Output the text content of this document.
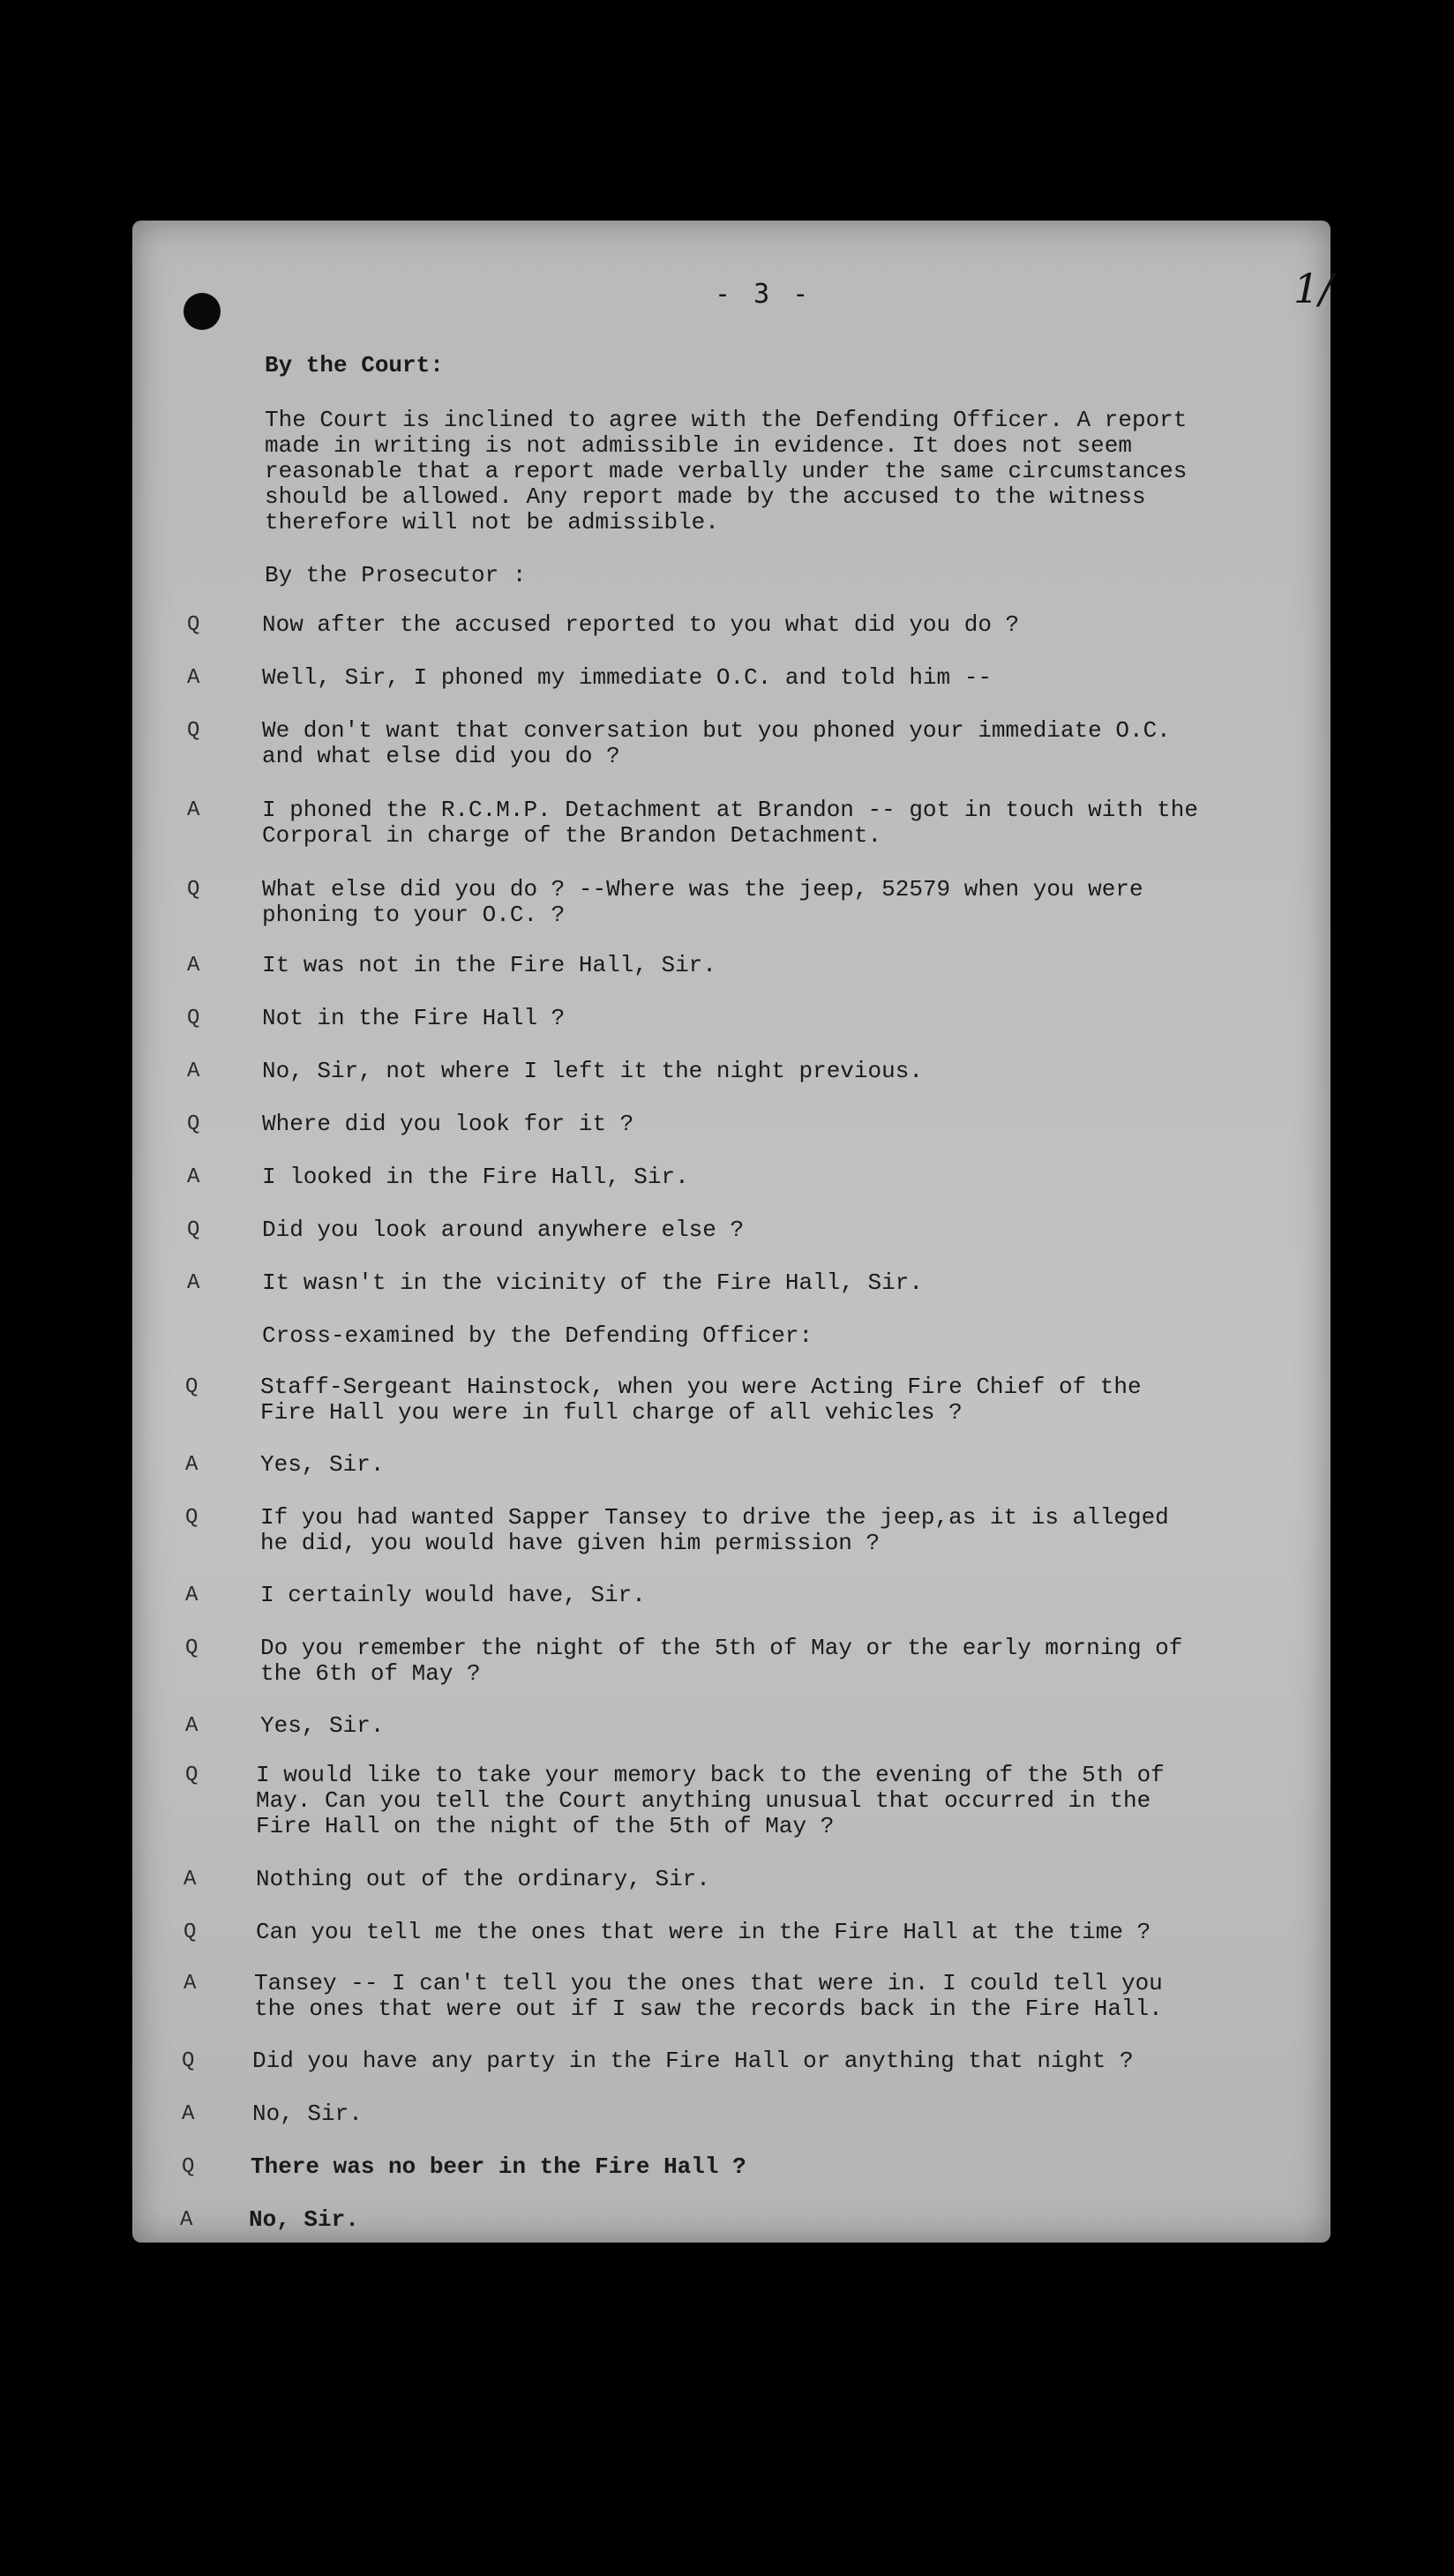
- 3 -	1/
By the Court:
The Court is inclined to agree with the Defending Officer. A report
made in writing is not admissible in evidence. It does not seem
reasonable that a report made verbally under the same circumstances
should be allowed. Any report made by the accused to the witness
therefore will not be admissible.
By the Prosecutor :
Q	Now after the accused reported to you what did you do ?
A	Well, Sir, I phoned my immediate O.C. and told him --
Q	We don't want that conversation but you phoned your immediate O.C.
and what else did you do ?
A	I phoned the R.C.M.P. Detachment at Brandon -- got in touch with the
Corporal in charge of the Brandon Detachment.
Q	What else did you do ? --Where was the jeep, 52579 when you were
phoning to your O.C. ?
A	It was not in the Fire Hall, Sir.
Q	Not in the Fire Hall ?
A	No, Sir, not where I left it the night previous.
Q	Where did you look for it ?
A	I looked in the Fire Hall, Sir.
Q	Did you look around anywhere else ?
A	It wasn't in the vicinity of the Fire Hall, Sir.
Cross-examined by the Defending Officer:
Q	Staff-Sergeant Hainstock, when you were Acting Fire Chief of the
Fire Hall you were in full charge of all vehicles ?
A	Yes, Sir.
Q	If you had wanted Sapper Tansey to drive the jeep,as it is alleged
he did, you would have given him permission ?
A	I certainly would have, Sir.
Q	Do you remember the night of the 5th of May or the early morning of
the 6th of May ?
A	Yes, Sir.
Q	I would like to take your memory back to the evening of the 5th of
May. Can you tell the Court anything unusual that occurred in the
Fire Hall on the night of the 5th of May ?
A	Nothing out of the ordinary, Sir.
Q	Can you tell me the ones that were in the Fire Hall at the time ?
A	Tansey -- I can't tell you the ones that were in. I could tell you
the ones that were out if I saw the records back in the Fire Hall.
Q	Did you have any party in the Fire Hall or anything that night ?
A	No, Sir.
Q There was no beer in the Fire Hall ?
A No, Sir.
